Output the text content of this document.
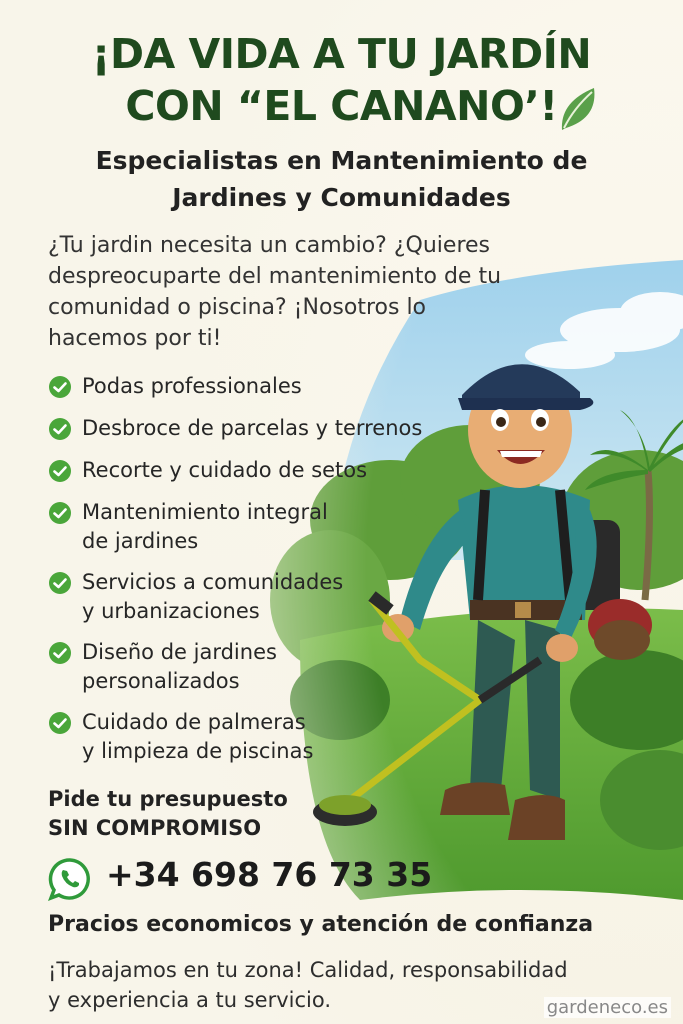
¡DA VIDA A TU JARDÍN
CON “EL CANANO’!
Especialistas en Mantenimiento de
Jardines y Comunidades
¿Tu jardin necesita un cambio? ¿Quieres
despreocuparte del mantenimiento de tu
comunidad o piscina? ¡Nosotros lo
hacemos por ti!
Podas professionales
Desbroce de parcelas y terrenos
Recorte y cuidado de setos
Mantenimiento integral
de jardines
Servicios a comunidades
y urbanizaciones
Diseño de jardines
personalizados
Cuidado de palmeras
y limpieza de piscinas
Pide tu presupuesto
SIN COMPROMISO
+34 698 76 73 35
Pracios economicos y atención de confianza
¡Trabajamos en tu zona! Calidad, responsabilidad
y experiencia a tu servicio.	gardeneco.es
